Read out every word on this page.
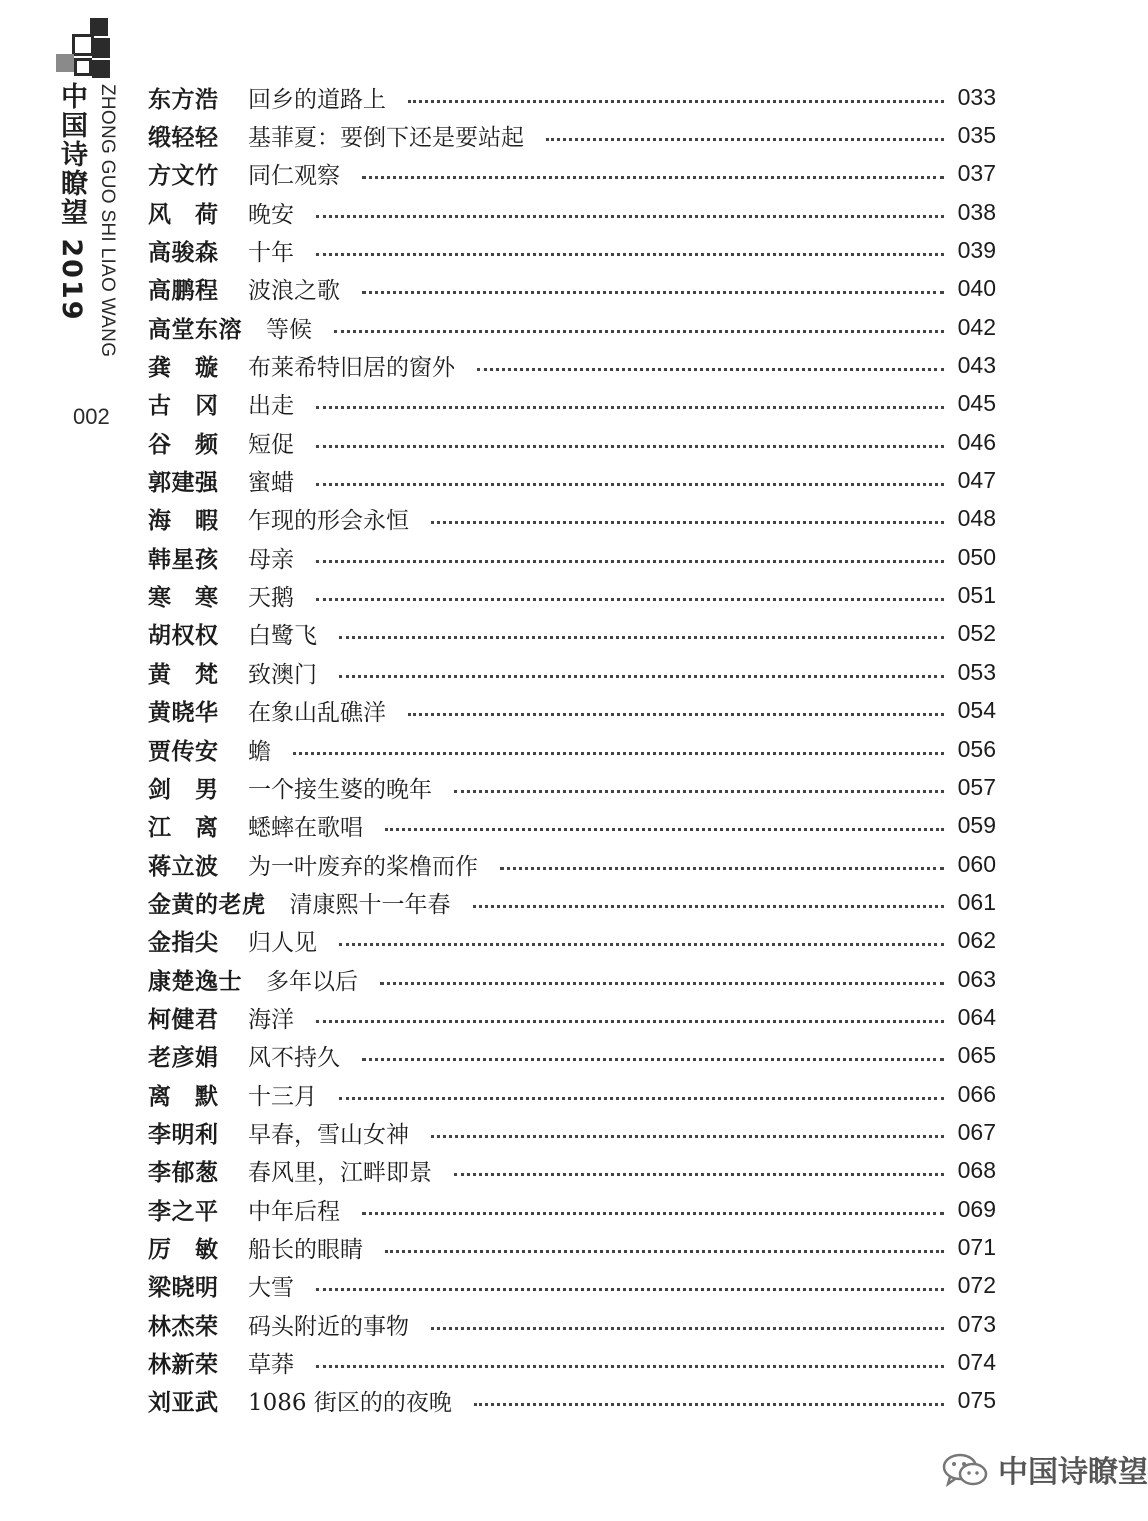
中国诗瞭望 2019 ZHONG GUO SHI LIAO WANG
002
东方浩 回乡的道路上	033
缎轻轻 基菲夏：要倒下还是要站起	035
方文竹 同仁观察	037
风　荷 晚安	038
高骏森 十年	039
高鹏程 波浪之歌	040
高堂东溶 等候	042
龚　璇 布莱希特旧居的窗外	043
古　冈 出走	045
谷　频 短促	046
郭建强 蜜蜡	047
海　暇 乍现的形会永恒	048
韩星孩 母亲	050
寒　寒 天鹅	051
胡权权 白鹭飞	052
黄　梵 致澳门	053
黄晓华 在象山乱礁洋	054
贾传安 蟾	056
剑　男 一个接生婆的晚年	057
江　离 蟋蟀在歌唱	059
蒋立波 为一叶废弃的桨橹而作	060
金黄的老虎 清康熙十一年春	061
金指尖 归人见	062
康楚逸士 多年以后	063
柯健君 海洋	064
老彦娟 风不持久	065
离　默 十三月	066
李明利 早春，雪山女神	067
李郁葱 春风里，江畔即景	068
李之平 中年后程	069
厉　敏 船长的眼睛	071
梁晓明 大雪	072
林杰荣 码头附近的事物	073
林新荣 草莽	074
刘亚武 1086 街区的的夜晚	075
中国诗瞭望
